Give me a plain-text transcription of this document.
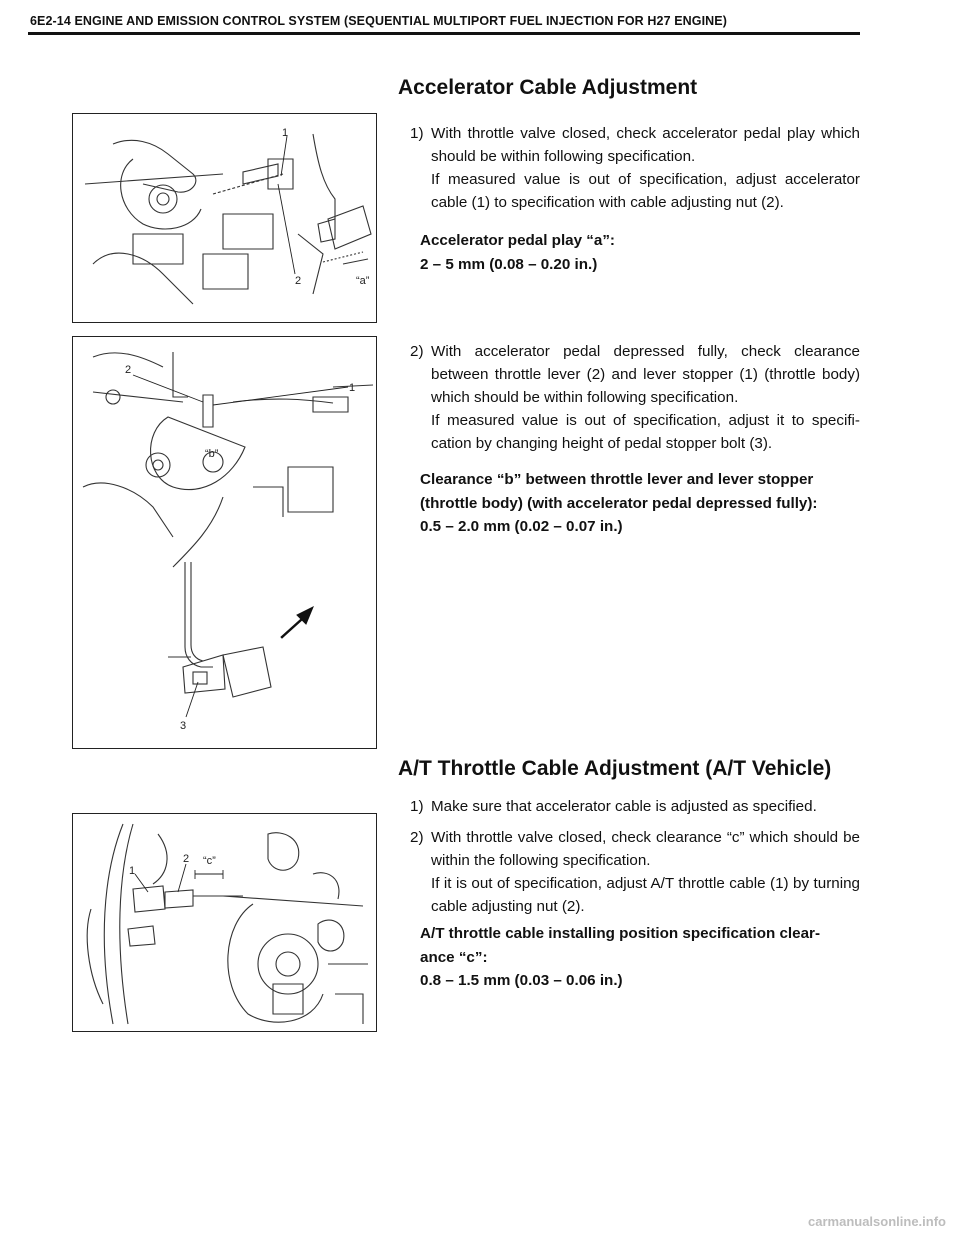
6E2-14 ENGINE AND EMISSION CONTROL SYSTEM (SEQUENTIAL MULTIPORT FUEL INJECTION FOR H27 ENGINE)
Accelerator Cable Adjustment
1
2	“a”
1) With throttle valve closed, check accelerator pedal play which should be within following specification.

If measured value is out of specification, adjust accelerator cable (1) to specification with cable adjusting nut (2).

Accelerator pedal play “a”:

2 – 5 mm (0.08 – 0.20 in.)

2
1
“b”
3
2) With accelerator pedal depressed fully, check clearance between throttle lever (2) and lever stopper (1) (throttle body) which should be within following specification.

If measured value is out of specification, adjust it to specifi-cation by changing height of pedal stopper bolt (3).

Clearance “b” between throttle lever and lever stopper

(throttle body) (with accelerator pedal depressed fully):

0.5 – 2.0 mm (0.02 – 0.07 in.)

A/T Throttle Cable Adjustment (A/T Vehicle)
1) Make sure that accelerator cable is adjusted as specified.

1
2 “c”
2) With throttle valve closed, check clearance “c” which should be within the following specification.

If it is out of specification, adjust A/T throttle cable (1) by turning cable adjusting nut (2).

A/T throttle cable installing position specification clear-

ance “c”:

0.8 – 1.5 mm (0.03 – 0.06 in.)

carmanualsonline.info
